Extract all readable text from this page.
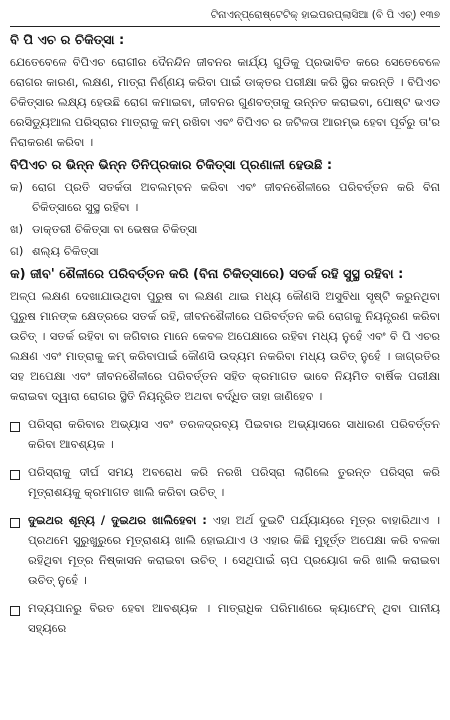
ଟିନାଏନ୍‌ପ୍ରୋଷ୍ଟେଟିକ୍ ହାଇପରପ୍ଲାସିଆ (ବି ପି ଏଚ୍) ୧୩୭
ବି ପି ଏଚ ର ଚିକିତ୍ସା :

ଯେତେବେଳେ ବିପିଏଚ ରୋଗୀର ଦୈନନ୍ଦିନ ଜୀବନର କାର୍ଯ୍ୟ ଗୁଡିକୁ ପ୍ରଭାବିତ କରେ ସେତେବେଳେ ରୋଗର କାରଣ, ଲକ୍ଷଣ, ମାତ୍ରା ନିର୍ଣ୍ଣୟ କରିବା ପାଇଁ ଡାକ୍ତର ପରୀକ୍ଷା କରି ସ୍ଥିର କରନ୍ତି । ବିପିଏଚ ଚିକିତ୍ସାର ଲକ୍ଷ୍ୟ ହେଉଛି ରୋଗ କମାଇବା, ଜୀବନର ଗୁଣବତ୍ତାକୁ ଉନ୍ନତ କରାଇବା, ପୋଷ୍ଟ ଭଏଡ ରେସିଡ୍ୟୁଆଲ ପରିସ୍ରାର ମାତ୍ରାକୁ କମ୍ ରଖିବା ଏବଂ ବିପିଏଚ ର ଜଟିଳତା ଆରମ୍ଭ ହେବା ପୂର୍ବରୁ ତା'ର ନିରାକରଣ କରିବା ।

ବିପିଏଚ ର ଭିନ୍ନ ଭିନ୍ନ ତିନିପ୍ରକାର ଚିକିତ୍ସା ପ୍ରଣାଳୀ ହେଉଛି :
କ) ରୋଗ ପ୍ରତି ସତର୍କତା ଅବଲମ୍ବନ କରିବା ଏବଂ ଜୀବନଶୈଳୀରେ ପରିବର୍ତ୍ତନ କରି ବିନା ଚିକିତ୍ସାରେ ସୁସ୍ଥ ରହିବା ।
ଖ) ଡାକ୍ତରୀ ଚିକିତ୍ସା ବା ଭେଷଜ ଚିକିତ୍ସା
ଗ) ଶଲ୍ୟ ଚିକିତ୍ସା
କ) ଜୀବ' ଶୈଳୀରେ ପରିବର୍ତ୍ତନ କରି (ବିନା ଚିକିତ୍ସାରେ) ସତର୍କ ରହି ସୁସ୍ଥ ରହିବା :

ଅଳ୍ପ ଲକ୍ଷଣ ଦେଖାଯାଉଥିବା ପୁରୁଷ ବା ଲକ୍ଷଣ ଥାଇ ମଧ୍ୟ କୌଣସି ଅସୁବିଧା ସୃଷ୍ଟି କରୁନଥିବା ପୁରୁଷ ମାନଙ୍କ କ୍ଷେତ୍ରରେ ସତର୍କ ରହି, ଜୀବନଶୈଳୀରେ ପରିବର୍ତ୍ତନ କରି ରୋଗକୁ ନିୟନ୍ତ୍ରଣ କରିବା ଉଚିତ୍ । ସତର୍କ ରହିବା ବା ଜଗିବାର ମାନେ କେବଳ ଅପେକ୍ଷାରେ ରହିବା ମଧ୍ୟ ନୁହେଁ ଏବଂ ବି ପି ଏଚର ଲକ୍ଷଣ ଏବଂ ମାତ୍ରାକୁ କମ୍ କରିବାପାଇଁ କୌଣସି ଉଦ୍ୟମ ନକରିବା ମଧ୍ୟ ଉଚିତ୍ ନୁହେଁ । ଜାଗ୍ରତିର ସହ ଅପେକ୍ଷା ଏବଂ ଜୀବନଶୈଳୀରେ ପରିବର୍ତ୍ତନ ସହିତ କ୍ରମାଗତ ଭାବେ ନିୟମିତ ବାର୍ଷିକ ପରୀକ୍ଷା କରାଇବା ଦ୍ୱାରା ରୋଗର ସ୍ଥିତି ନିୟନ୍ତ୍ରିତ ଅଥବା ବର୍ଦ୍ଧିତ ତାହା ଜାଣିହେବ ।

ପରିସ୍ରା କରିବାର ଅଭ୍ୟାସ ଏବଂ ତରଳଦ୍ରବ୍ୟ ପିଇବାର ଅଭ୍ୟାସରେ ସାଧାରଣ ପରିବର୍ତ୍ତନ କରିବା ଆବଶ୍ୟକ ।
ପରିସ୍ରାକୁ ଦୀର୍ଘ ସମୟ ଅବରୋଧ କରି ନରଖି ପରିସ୍ରା ଲାଗିଲେ ତୁରନ୍ତ ପରିସ୍ରା କରି ମୂତ୍ରାଶୟକୁ କ୍ରମାଗତ ଖାଲି କରିବା ଉଚିତ୍ ।
ଦୁଇଥର ଶୂନ୍ୟ / ଦୁଇଥର ଖାଲିହେବା : ଏହା ଅର୍ଥ ଦୁଇଟି ପର୍ଯ୍ୟାୟରେ ମୂତ୍ର ବାହାରିଥାଏ । ପ୍ରଥମେ ସୁରୁଖୁରୁରେ ମୂତ୍ରାଶୟ ଖାଲି ହୋଇଯାଏ ଓ ଏହାର କିଛି ମୁହୂର୍ତ୍ତ ଅପେକ୍ଷା କରି ବଳକା ରହିଥିବା ମୂତ୍ର ନିଷ୍କାସନ କରାଇବା ଉଚିତ୍ । ସେଥିପାଇଁ ଚାପ ପ୍ରୟୋଗ କରି ଖାଲି କରାଇବା ଉଚିତ୍ ନୁହେଁ ।
ମଦ୍ୟପାନରୁ ବିରତ ହେବା ଆବଶ୍ୟକ । ମାତ୍ରାଧିକ ପରିମାଣରେ କ୍ୟାଫେନ୍ ଥିବା ପାନୀୟ ସହ୍ୟରେ
